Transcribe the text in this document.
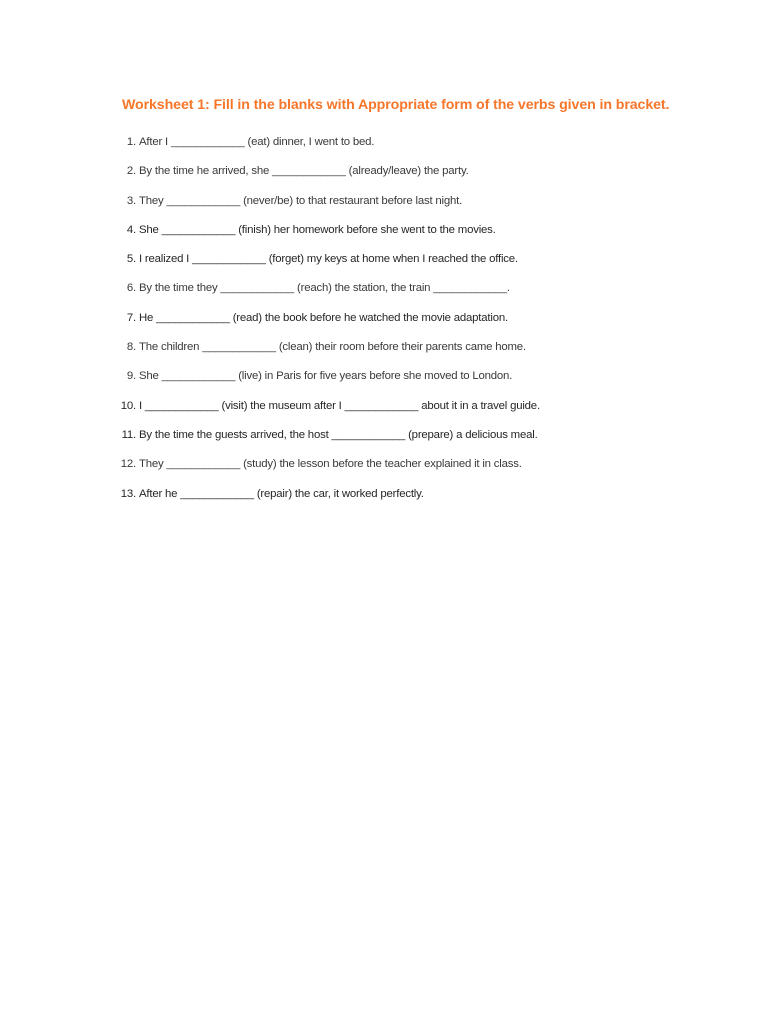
Worksheet 1: Fill in the blanks with Appropriate form of the verbs given in bracket.
1. After I ____________ (eat) dinner, I went to bed.
2. By the time he arrived, she ____________ (already/leave) the party.
3. They ____________ (never/be) to that restaurant before last night.
4. She ____________ (finish) her homework before she went to the movies.
5. I realized I ____________ (forget) my keys at home when I reached the office.
6. By the time they ____________ (reach) the station, the train ____________.
7. He ____________ (read) the book before he watched the movie adaptation.
8. The children ____________ (clean) their room before their parents came home.
9. She ____________ (live) in Paris for five years before she moved to London.
10. I ____________ (visit) the museum after I ____________ about it in a travel guide.
11. By the time the guests arrived, the host ____________ (prepare) a delicious meal.
12. They ____________ (study) the lesson before the teacher explained it in class.
13. After he ____________ (repair) the car, it worked perfectly.
